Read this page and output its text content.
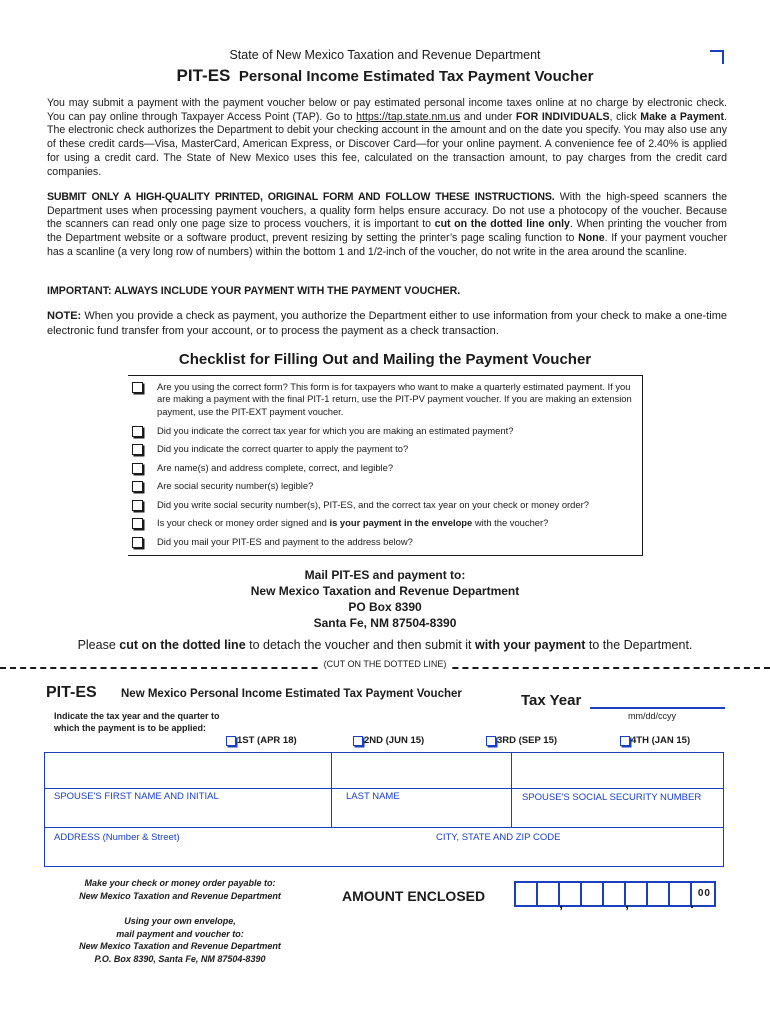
State of New Mexico Taxation and Revenue Department
PIT-ES Personal Income Estimated Tax Payment Voucher
You may submit a payment with the payment voucher below or pay estimated personal income taxes online at no charge by electronic check. You can pay online through Taxpayer Access Point (TAP). Go to https://tap.state.nm.us and under FOR INDIVIDUALS, click Make a Payment. The electronic check authorizes the Department to debit your checking account in the amount and on the date you specify. You may also use any of these credit cards—Visa, MasterCard, American Express, or Discover Card—for your online payment. A convenience fee of 2.40% is applied for using a credit card. The State of New Mexico uses this fee, calculated on the transaction amount, to pay charges from the credit card companies.
SUBMIT ONLY A HIGH-QUALITY PRINTED, ORIGINAL FORM AND FOLLOW THESE INSTRUCTIONS. With the high-speed scanners the Department uses when processing payment vouchers, a quality form helps ensure accuracy. Do not use a photocopy of the voucher. Because the scanners can read only one page size to process vouchers, it is important to cut on the dotted line only. When printing the voucher from the Department website or a software product, prevent resizing by setting the printer’s page scaling function to None. If your payment voucher has a scanline (a very long row of numbers) within the bottom 1 and 1/2-inch of the voucher, do not write in the area around the scanline.
IMPORTANT: ALWAYS INCLUDE YOUR PAYMENT WITH THE PAYMENT VOUCHER.
NOTE: When you provide a check as payment, you authorize the Department either to use information from your check to make a one-time electronic fund transfer from your account, or to process the payment as a check transaction.
Checklist for Filling Out and Mailing the Payment Voucher
Are you using the correct form? This form is for taxpayers who want to make a quarterly estimated payment. If you are making a payment with the final PIT-1 return, use the PIT-PV payment voucher. If you are making an extension payment, use the PIT-EXT payment voucher.
Did you indicate the correct tax year for which you are making an estimated payment?
Did you indicate the correct quarter to apply the payment to?
Are name(s) and address complete, correct, and legible?
Are social security number(s) legible?
Did you write social security number(s), PIT-ES, and the correct tax year on your check or money order?
Is your check or money order signed and is your payment in the envelope with the voucher?
Did you mail your PIT-ES and payment to the address below?
Mail PIT-ES and payment to:
New Mexico Taxation and Revenue Department
PO Box 8390
Santa Fe, NM 87504-8390
Please cut on the dotted line to detach the voucher and then submit it with your payment to the Department.
(CUT ON THE DOTTED LINE)
PIT-ES New Mexico Personal Income Estimated Tax Payment Voucher	Tax Year
mm/dd/ccyy
Indicate the tax year and the quarter to
which the payment is to be applied:
1ST (APR 18)	2ND (JUN 15)	3RD (SEP 15)	4TH (JAN 15)
SPOUSE'S FIRST NAME AND INITIAL	LAST NAME	SPOUSE'S SOCIAL SECURITY NUMBER
ADDRESS (Number & Street)	CITY, STATE AND ZIP CODE
Make your check or money order payable to:
New Mexico Taxation and Revenue Department
Using your own envelope,
mail payment and voucher to:
New Mexico Taxation and Revenue Department
P.O. Box 8390, Santa Fe, NM 87504-8390
AMOUNT ENCLOSED	,	,	.
00
